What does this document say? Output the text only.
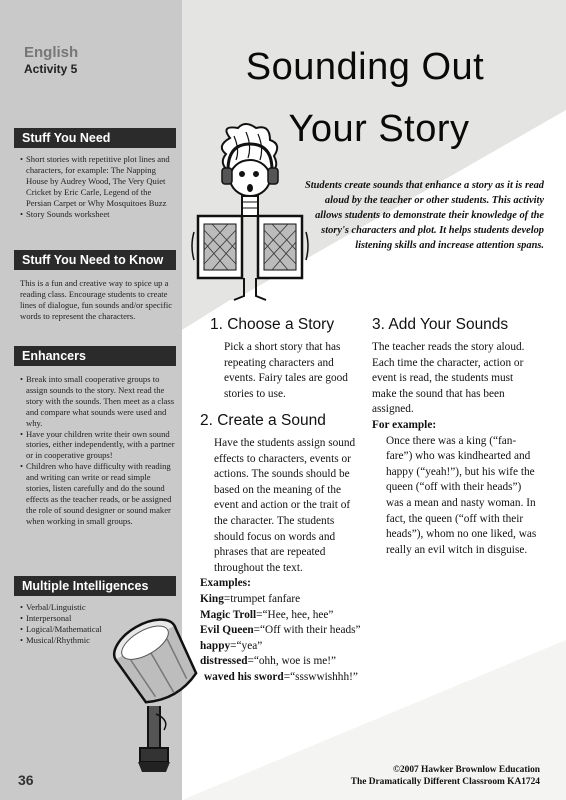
English
Activity 5
Stuff You Need
• Short stories with repetitive plot lines and characters, for example: The Napping House by Audrey Wood, The Very Quiet Cricket by Eric Carle, Legend of the Persian Carpet or Why Mosquitoes Buzz
• Story Sounds worksheet
Stuff You Need to Know

This is a fun and creative way to spice up a reading class. Encourage students to create lines of dialogue, fun sounds and/or specific words to represent the characters.

Enhancers
• Break into small cooperative groups to assign sounds to the story. Next read the story with the sounds. Then meet as a class and compare what sounds were used and why.
• Have your children write their own sound stories, either independently, with a partner or in cooperative groups!
• Children who have difficulty with reading and writing can write or read simple stories, listen carefully and do the sound effects as the teacher reads, or be assigned the role of sound designer or sound maker when working in small groups.
Multiple Intelligences
• Verbal/Linguistic
• Interpersonal
• Logical/Mathematical
• Musical/Rhythmic
Sounding Out
Your Story
Students create sounds that enhance a story as it is read aloud by the teacher or other students. This activity allows students to demonstrate their knowledge of the story's characters and plot. It helps students develop listening skills and increase attention spans.
1. Choose a Story

Pick a short story that has repeating characters and events. Fairy tales are good stories to use.

2. Create a Sound

Have the students assign sound effects to characters, events or actions. The sounds should be based on the meaning of the event and action or the trait of the character. The students should focus on words and phrases that are repeated throughout the text.

Examples:

King=trumpet fanfare
Magic Troll=“Hee, hee, hee”
Evil Queen=“Off with their heads”
happy=“yea”
distressed=“ohh, woe is me!”
waved his sword=“ssswwishhh!”
3. Add Your Sounds

The teacher reads the story aloud. Each time the character, action or event is read, the students must make the sound that has been assigned.

For example:

Once there was a king (“fan-fare”) who was kindhearted and happy (“yeah!”), but his wife the queen (“off with their heads”) was a mean and nasty woman. In fact, the queen (“off with their heads”), whom no one liked, was really an evil witch in disguise.

36
©2007 Hawker Brownlow Education
The Dramatically Different Classroom KA1724
